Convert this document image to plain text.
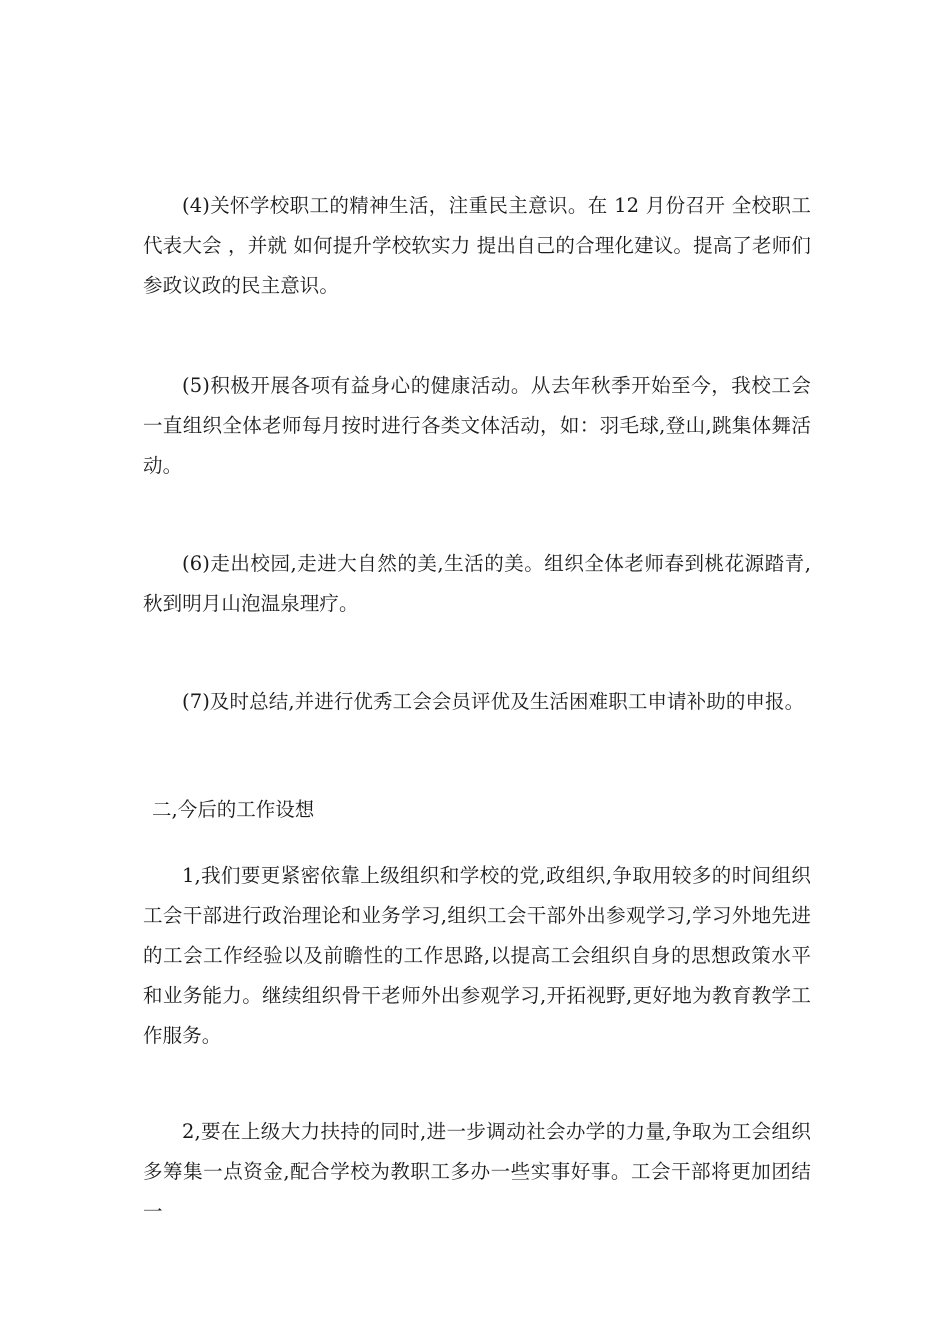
(4)关怀学校职工的精神生活，注重民主意识。在 12 月份召开 全校职工代表大会 ，并就 如何提升学校软实力 提出自己的合理化建议。提高了老师们参政议政的民主意识。

(5)积极开展各项有益身心的健康活动。从去年秋季开始至今，我校工会一直组织全体老师每月按时进行各类文体活动，如：羽毛球,登山,跳集体舞活动。

(6)走出校园,走进大自然的美,生活的美。组织全体老师春到桃花源踏青,秋到明月山泡温泉理疗。

(7)及时总结,并进行优秀工会会员评优及生活困难职工申请补助的申报。

二,今后的工作设想

1,我们要更紧密依靠上级组织和学校的党,政组织,争取用较多的时间组织工会干部进行政治理论和业务学习,组织工会干部外出参观学习,学习外地先进的工会工作经验以及前瞻性的工作思路,以提高工会组织自身的思想政策水平和业务能力。继续组织骨干老师外出参观学习,开拓视野,更好地为教育教学工作服务。

2,要在上级大力扶持的同时,进一步调动社会办学的力量,争取为工会组织多筹集一点资金,配合学校为教职工多办一些实事好事。工会干部将更加团结一
